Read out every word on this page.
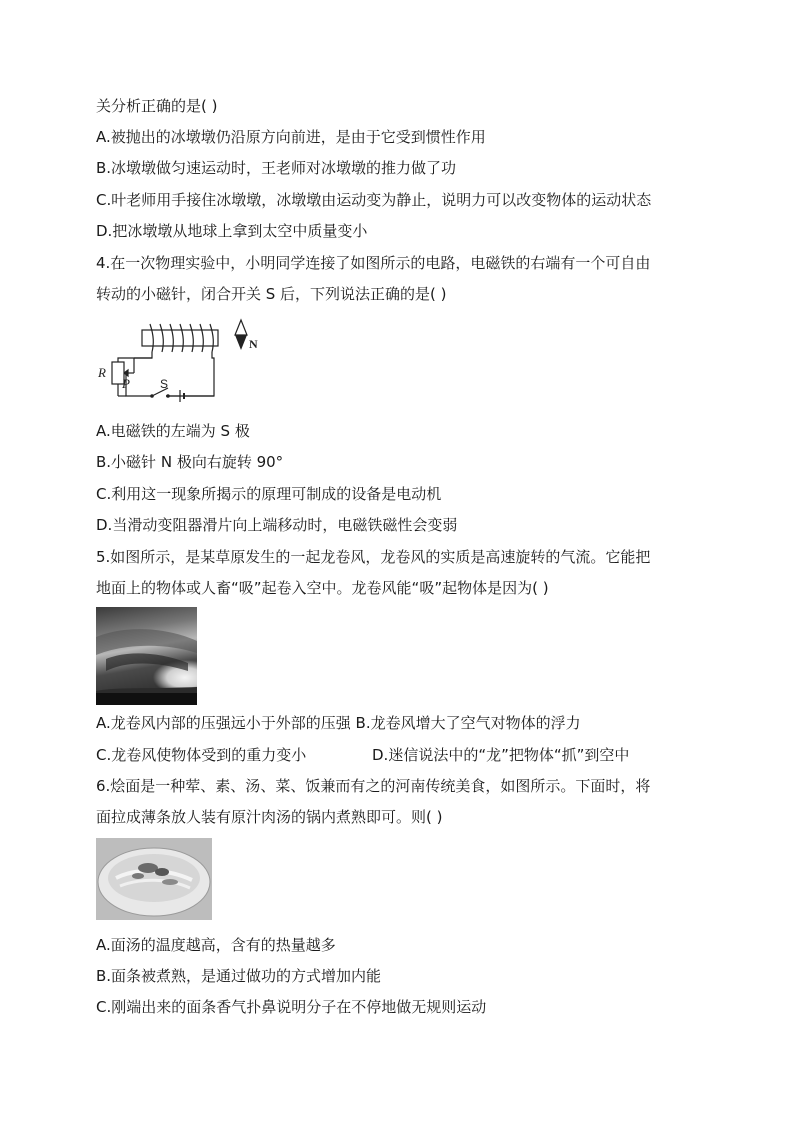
关分析正确的是( )
A.被抛出的冰墩墩仍沿原方向前进，是由于它受到惯性作用
B.冰墩墩做匀速运动时，王老师对冰墩墩的推力做了功
C.叶老师用手接住冰墩墩，冰墩墩由运动变为静止，说明力可以改变物体的运动状态
D.把冰墩墩从地球上拿到太空中质量变小
4.在一次物理实验中，小明同学连接了如图所示的电路，电磁铁的右端有一个可自由
转动的小磁针，闭合开关 S 后，下列说法正确的是( )
R
P	S
N
A.电磁铁的左端为 S 极
B.小磁针 N 极向右旋转 90°
C.利用这一现象所揭示的原理可制成的设备是电动机
D.当滑动变阻器滑片向上端移动时，电磁铁磁性会变弱
5.如图所示，是某草原发生的一起龙卷风，龙卷风的实质是高速旋转的气流。它能把
地面上的物体或人畜“吸”起卷入空中。龙卷风能“吸”起物体是因为( )
A.龙卷风内部的压强远小于外部的压强 B.龙卷风增大了空气对物体的浮力
C.龙卷风使物体受到的重力变小	D.迷信说法中的“龙”把物体“抓”到空中
6.烩面是一种荤、素、汤、菜、饭兼而有之的河南传统美食，如图所示。下面时，将
面拉成薄条放人装有原汁肉汤的锅内煮熟即可。则( )
A.面汤的温度越高，含有的热量越多
B.面条被煮熟，是通过做功的方式增加内能
C.刚端出来的面条香气扑鼻说明分子在不停地做无规则运动
